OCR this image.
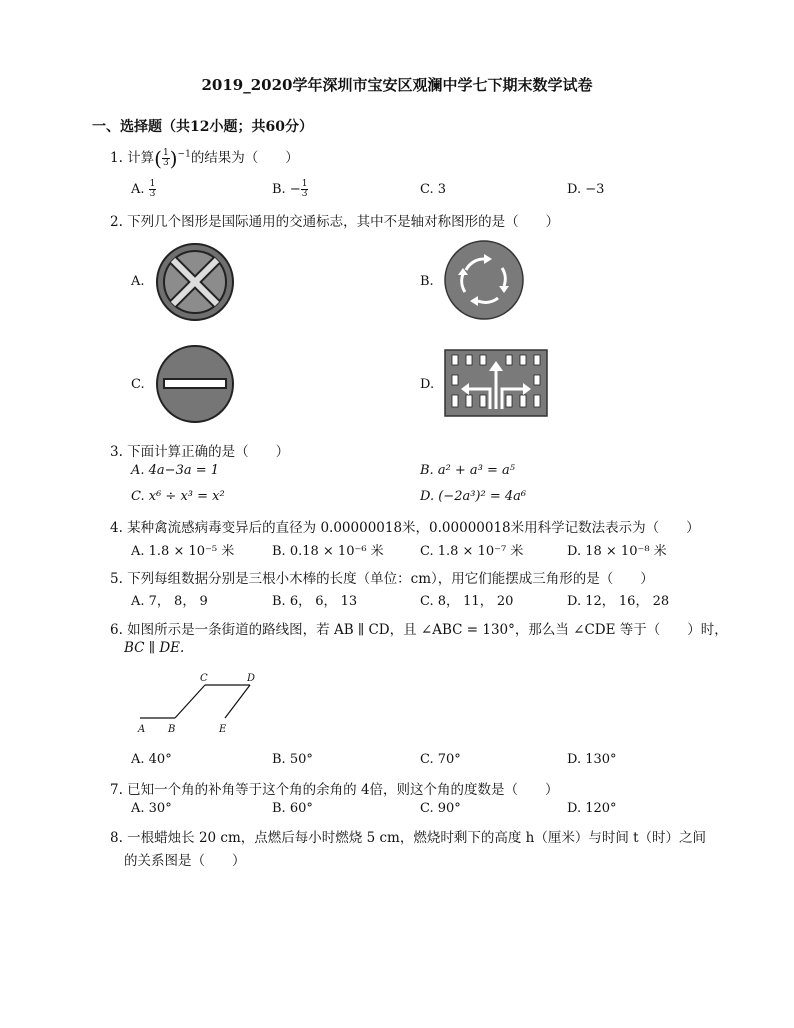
2019_2020学年深圳市宝安区观澜中学七下期末数学试卷
一、选择题（共12小题；共60分）
1. 计算( $\frac{1}{3} )^{-1}$的结果为（　　）
A. $\frac{1}{3}$	B. − $\frac{1}{3}$	C. 3	D. −3
2. 下列几个图形是国际通用的交通标志，其中不是轴对称图形的是（　　）
A.	B.
C.	D.
3. 下面计算正确的是（　　）
A. 4a−3a = 1	B. a² + a³ = a⁵
C. x⁶ ÷ x³ = x²	D. (−2a³)² = 4a⁶
4. 某种禽流感病毒变异后的直径为 0.00000018米，0.00000018米用科学记数法表示为（　　）
A. 1.8 × 10⁻⁵ 米	B. 0.18 × 10⁻⁶ 米	C. 1.8 × 10⁻⁷ 米	D. 18 × 10⁻⁸ 米
5. 下列每组数据分别是三根小木棒的长度（单位：cm），用它们能摆成三角形的是（　　）
A. 7， 8， 9	B. 6， 6， 13	C. 8， 11， 20	D. 12， 16， 28
6. 如图所示是一条街道的路线图，若 AB ∥ CD，且 ∠ABC = 130°，那么当 ∠CDE 等于（　　）时，
BC ∥ DE.
A B
C	D
E
A. 40°	B. 50°	C. 70°	D. 130°
7. 已知一个角的补角等于这个角的余角的 4倍，则这个角的度数是（　　）
A. 30°	B. 60°	C. 90°	D. 120°
8. 一根蜡烛长 20 cm，点燃后每小时燃烧 5 cm，燃烧时剩下的高度 h（厘米）与时间 t（时）之间
的关系图是（　　）
